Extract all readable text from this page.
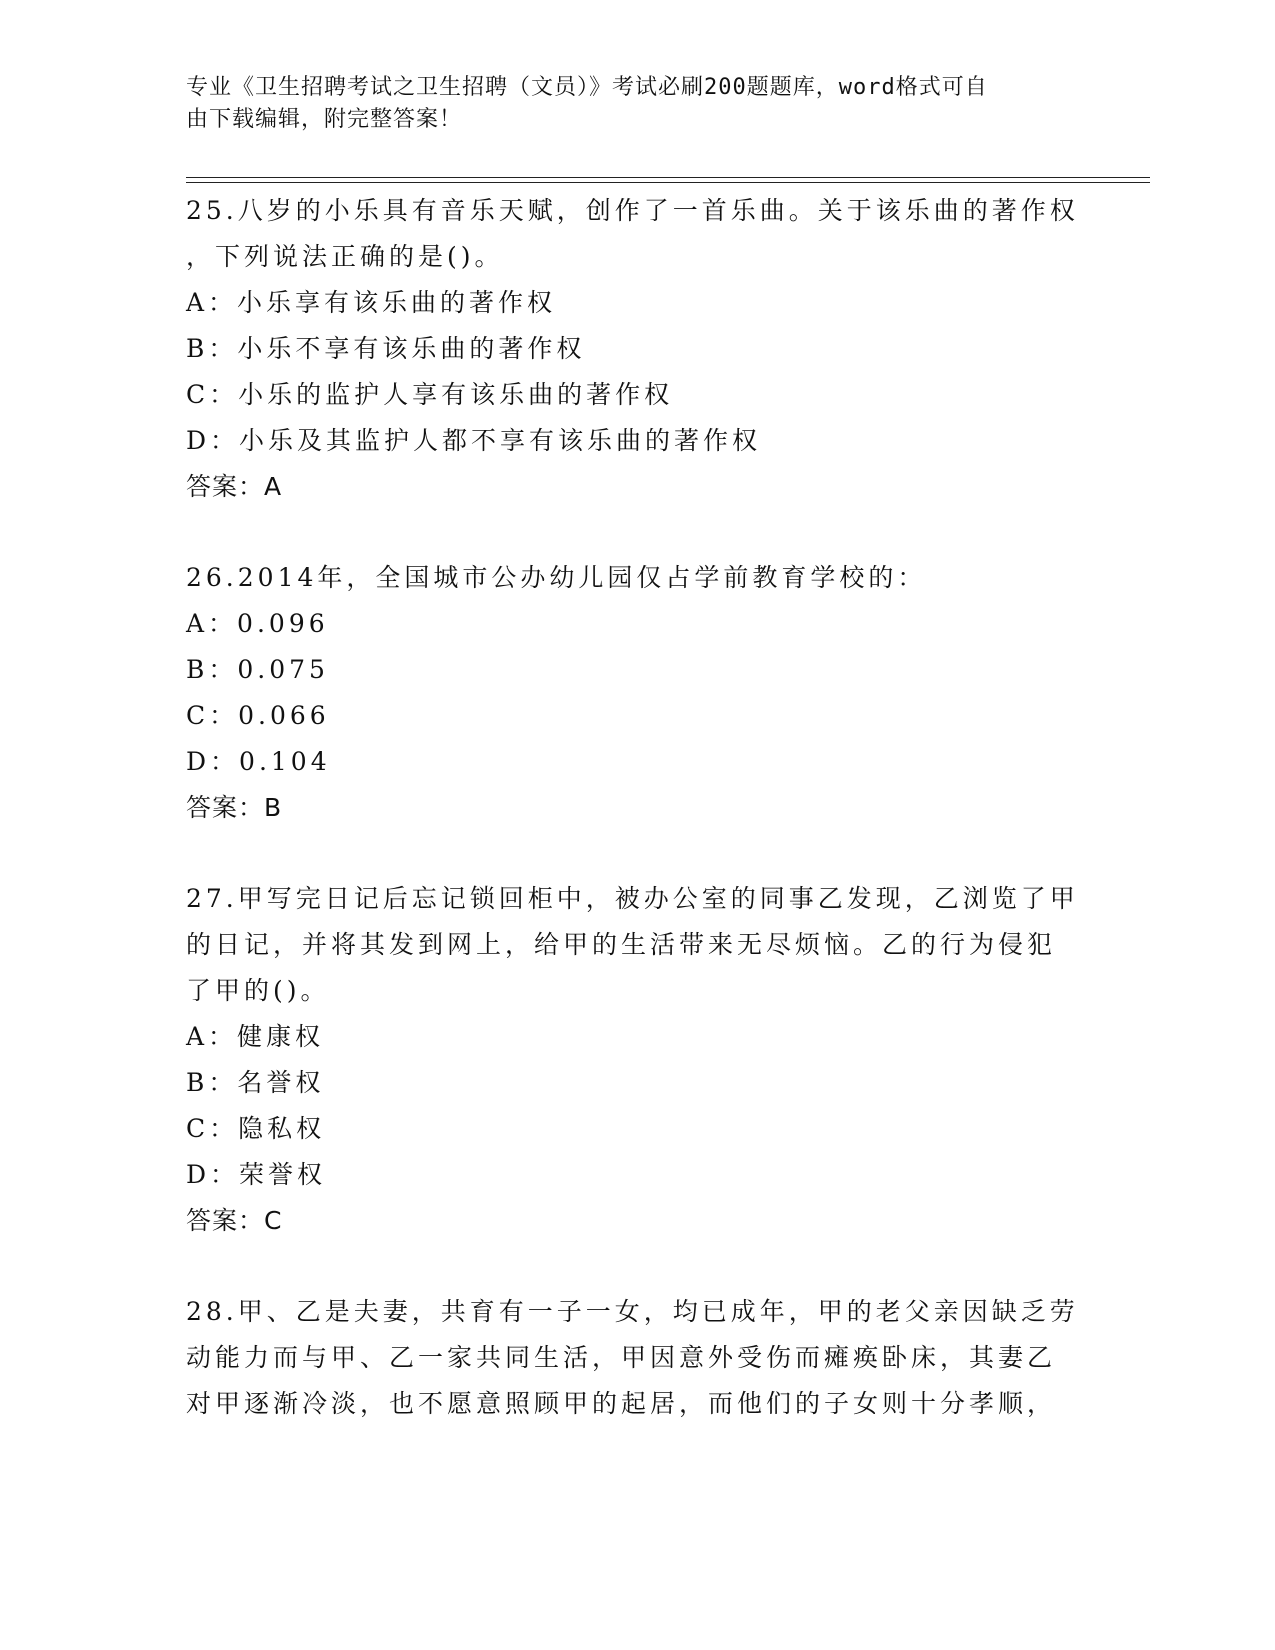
专业《卫生招聘考试之卫生招聘（文员）》考试必刷200题题库，word格式可自
由下载编辑，附完整答案！
25.八岁的小乐具有音乐天赋，创作了一首乐曲。关于该乐曲的著作权
，下列说法正确的是()。
A：小乐享有该乐曲的著作权
B：小乐不享有该乐曲的著作权
C：小乐的监护人享有该乐曲的著作权
D：小乐及其监护人都不享有该乐曲的著作权
答案：A
26.2014年，全国城市公办幼儿园仅占学前教育学校的：
A：0.096
B：0.075
C：0.066
D：0.104
答案：B
27.甲写完日记后忘记锁回柜中，被办公室的同事乙发现，乙浏览了甲
的日记，并将其发到网上，给甲的生活带来无尽烦恼。乙的行为侵犯
了甲的()。
A：健康权
B：名誉权
C：隐私权
D：荣誉权
答案：C
28.甲、乙是夫妻，共育有一子一女，均已成年，甲的老父亲因缺乏劳
动能力而与甲、乙一家共同生活，甲因意外受伤而瘫痪卧床，其妻乙
对甲逐渐冷淡，也不愿意照顾甲的起居，而他们的子女则十分孝顺，
